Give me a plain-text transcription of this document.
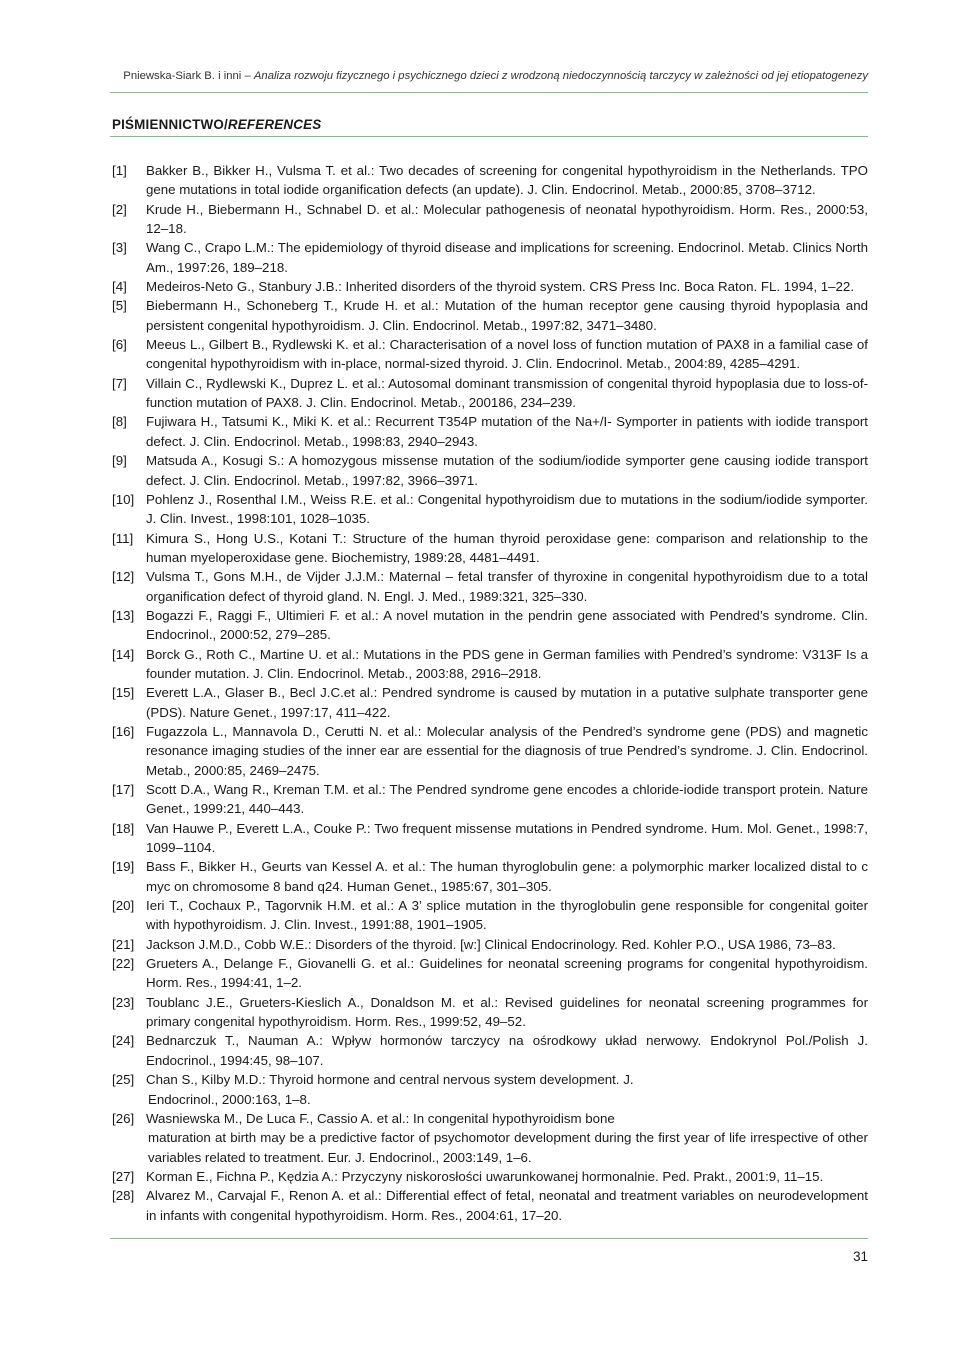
Pniewska-Siark B. i inni – Analiza rozwoju fizycznego i psychicznego dzieci z wrodzoną niedoczynnością tarczycy w zależności od jej etiopatogenezy
PIŚMIENNICTWO/REFERENCES
[1]	Bakker B., Bikker H., Vulsma T. et al.: Two decades of screening for congenital hypothyroidism in the Netherlands. TPO gene mutations in total iodide organification defects (an update). J. Clin. Endocrinol. Metab., 2000:85, 3708–3712.
[2]	Krude H., Biebermann H., Schnabel D. et al.: Molecular pathogenesis of neonatal hypothyroidism. Horm. Res., 2000:53, 12–18.
[3]	Wang C., Crapo L.M.: The epidemiology of thyroid disease and implications for screening. Endocrinol. Metab. Clinics North Am., 1997:26, 189–218.
[4]	Medeiros-Neto G., Stanbury J.B.: Inherited disorders of the thyroid system. CRS Press Inc. Boca Raton. FL. 1994, 1–22.
[5]	Biebermann H., Schoneberg T., Krude H. et al.: Mutation of the human receptor gene causing thyroid hypoplasia and persistent congenital hypothyroidism. J. Clin. Endocrinol. Metab., 1997:82, 3471–3480.
[6]	Meeus L., Gilbert B., Rydlewski K. et al.: Characterisation of a novel loss of function mutation of PAX8 in a familial case of congenital hypothyroidism with in-place, normal-sized thyroid. J. Clin. Endocrinol. Metab., 2004:89, 4285–4291.
[7]	Villain C., Rydlewski K., Duprez L. et al.: Autosomal dominant transmission of congenital thyroid hypoplasia due to loss-of-function mutation of PAX8. J. Clin. Endocrinol. Metab., 200186, 234–239.
[8]	Fujiwara H., Tatsumi K., Miki K. et al.: Recurrent T354P mutation of the Na+/I- Symporter in patients with iodide transport defect. J. Clin. Endocrinol. Metab., 1998:83, 2940–2943.
[9]	Matsuda A., Kosugi S.: A homozygous missense mutation of the sodium/iodide symporter gene causing iodide transport defect. J. Clin. Endocrinol. Metab., 1997:82, 3966–3971.
[10] Pohlenz J., Rosenthal I.M., Weiss R.E. et al.: Congenital hypothyroidism due to mutations in the sodium/iodide symporter. J. Clin. Invest., 1998:101, 1028–1035.
[11] Kimura S., Hong U.S., Kotani T.: Structure of the human thyroid peroxidase gene: comparison and relationship to the human myeloperoxidase gene. Biochemistry, 1989:28, 4481–4491.
[12] Vulsma T., Gons M.H., de Vijder J.J.M.: Maternal – fetal transfer of thyroxine in congenital hypothyroidism due to a total organification defect of thyroid gland. N. Engl. J. Med., 1989:321, 325–330.
[13] Bogazzi F., Raggi F., Ultimieri F. et al.: A novel mutation in the pendrin gene associated with Pendred’s syndrome. Clin. Endocrinol., 2000:52, 279–285.
[14] Borck G., Roth C., Martine U. et al.: Mutations in the PDS gene in German families with Pendred’s syndrome: V313F Is a founder mutation. J. Clin. Endocrinol. Metab., 2003:88, 2916–2918.
[15] Everett L.A., Glaser B., Becl J.C.et al.: Pendred syndrome is caused by mutation in a putative sulphate transporter gene (PDS). Nature Genet., 1997:17, 411–422.
[16] Fugazzola L., Mannavola D., Cerutti N. et al.: Molecular analysis of the Pendred’s syndrome gene (PDS) and magnetic resonance imaging studies of the inner ear are essential for the diagnosis of true Pendred’s syndrome. J. Clin. Endocrinol. Metab., 2000:85, 2469–2475.
[17] Scott D.A., Wang R., Kreman T.M. et al.: The Pendred syndrome gene encodes a chloride-iodide transport protein. Nature Genet., 1999:21, 440–443.
[18] Van Hauwe P., Everett L.A., Couke P.: Two frequent missense mutations in Pendred syndrome. Hum. Mol. Genet., 1998:7, 1099–1104.
[19] Bass F., Bikker H., Geurts van Kessel A. et al.: The human thyroglobulin gene: a polymorphic marker localized distal to c myc on chromosome 8 band q24. Human Genet., 1985:67, 301–305.
[20] Ieri T., Cochaux P., Tagorvnik H.M. et al.: A 3’ splice mutation in the thyroglobulin gene responsible for congenital goiter with hypothyroidism. J. Clin. Invest., 1991:88, 1901–1905.
[21] Jackson J.M.D., Cobb W.E.: Disorders of the thyroid. [w:] Clinical Endocrinology. Red. Kohler P.O., USA 1986, 73–83.
[22] Grueters A., Delange F., Giovanelli G. et al.: Guidelines for neonatal screening programs for congenital hypothyroidism. Horm. Res., 1994:41, 1–2.
[23] Toublanc J.E., Grueters-Kieslich A., Donaldson M. et al.: Revised guidelines for neonatal screening programmes for primary congenital hypothyroidism. Horm. Res., 1999:52, 49–52.
[24] Bednarczuk T., Nauman A.: Wpływ hormonów tarczycy na ośrodkowy układ nerwowy. Endokrynol Pol./Polish J. Endocrinol., 1994:45, 98–107.
[25] Chan S., Kilby M.D.: Thyroid hormone and central nervous system development. J.
Endocrinol., 2000:163, 1–8.
[26] Wasniewska M., De Luca F., Cassio A. et al.: In congenital hypothyroidism bone
maturation at birth may be a predictive factor of psychomotor development during the first year of life irrespective of other variables related to treatment. Eur. J. Endocrinol., 2003:149, 1–6.
[27] Korman E., Fichna P., Kędzia A.: Przyczyny niskorosłości uwarunkowanej hormonalnie. Ped. Prakt., 2001:9, 11–15.
[28] Alvarez M., Carvajal F., Renon A. et al.: Differential effect of fetal, neonatal and treatment variables on neurodevelopment in infants with congenital hypothyroidism. Horm. Res., 2004:61, 17–20.
31
